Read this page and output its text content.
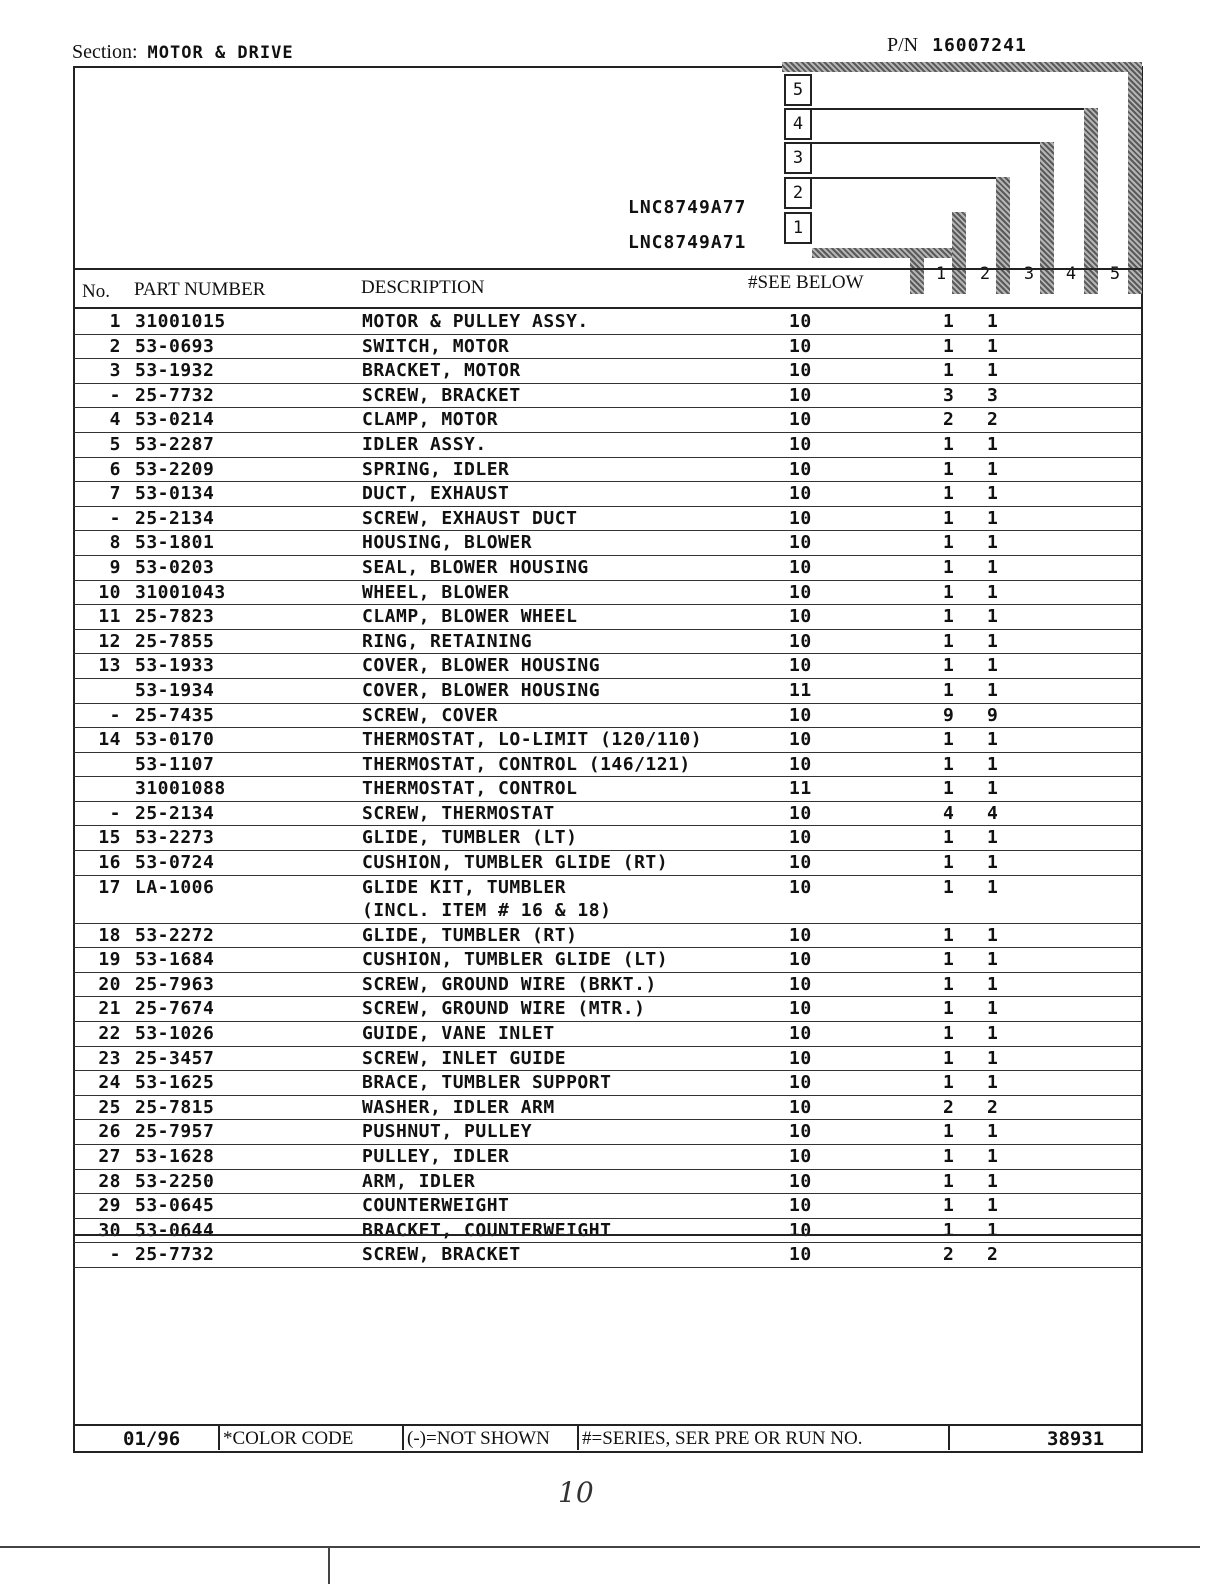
Section: MOTOR & DRIVE	P/N 16007241
LNC8749A77
LNC8749A71
5
4
3
2
1
1	2	3	4	5
No. PART NUMBER	DESCRIPTION	#SEE BELOW
1 31001015	MOTOR & PULLEY ASSY.	10	1 1
2 53-0693	SWITCH, MOTOR	10	1 1
3 53-1932	BRACKET, MOTOR	10	1 1
- 25-7732	SCREW, BRACKET	10	3 3
4 53-0214	CLAMP, MOTOR	10	2 2
5 53-2287	IDLER ASSY.	10	1 1
6 53-2209	SPRING, IDLER	10	1 1
7 53-0134	DUCT, EXHAUST	10	1 1
- 25-2134	SCREW, EXHAUST DUCT	10	1 1
8 53-1801	HOUSING, BLOWER	10	1 1
9 53-0203	SEAL, BLOWER HOUSING	10	1 1
10 31001043	WHEEL, BLOWER	10	1 1
11 25-7823	CLAMP, BLOWER WHEEL	10	1 1
12 25-7855	RING, RETAINING	10	1 1
13 53-1933	COVER, BLOWER HOUSING	10	1 1
53-1934	COVER, BLOWER HOUSING	11	1 1
- 25-7435	SCREW, COVER	10	9 9
14 53-0170	THERMOSTAT, LO-LIMIT (120/110)	10	1 1
53-1107	THERMOSTAT, CONTROL (146/121)	10	1 1
31001088	THERMOSTAT, CONTROL	11	1 1
- 25-2134	SCREW, THERMOSTAT	10	4 4
15 53-2273	GLIDE, TUMBLER (LT)	10	1 1
16 53-0724	CUSHION, TUMBLER GLIDE (RT)	10	1 1
17 LA-1006	GLIDE KIT, TUMBLER	10	1 1
(INCL. ITEM # 16 & 18)
18 53-2272	GLIDE, TUMBLER (RT)	10	1 1
19 53-1684	CUSHION, TUMBLER GLIDE (LT)	10	1 1
20 25-7963	SCREW, GROUND WIRE (BRKT.)	10	1 1
21 25-7674	SCREW, GROUND WIRE (MTR.)	10	1 1
22 53-1026	GUIDE, VANE INLET	10	1 1
23 25-3457	SCREW, INLET GUIDE	10	1 1
24 53-1625	BRACE, TUMBLER SUPPORT	10	1 1
25 25-7815	WASHER, IDLER ARM	10	2 2
26 25-7957	PUSHNUT, PULLEY	10	1 1
27 53-1628	PULLEY, IDLER	10	1 1
28 53-2250	ARM, IDLER	10	1 1
29 53-0645	COUNTERWEIGHT	10	1 1
30 53-0644	BRACKET, COUNTERWEIGHT	10	1 1
- 25-7732	SCREW, BRACKET	10	2 2
01/96 *COLOR CODE	(-)=NOT SHOWN #=SERIES, SER PRE OR RUN NO.	38931
10
